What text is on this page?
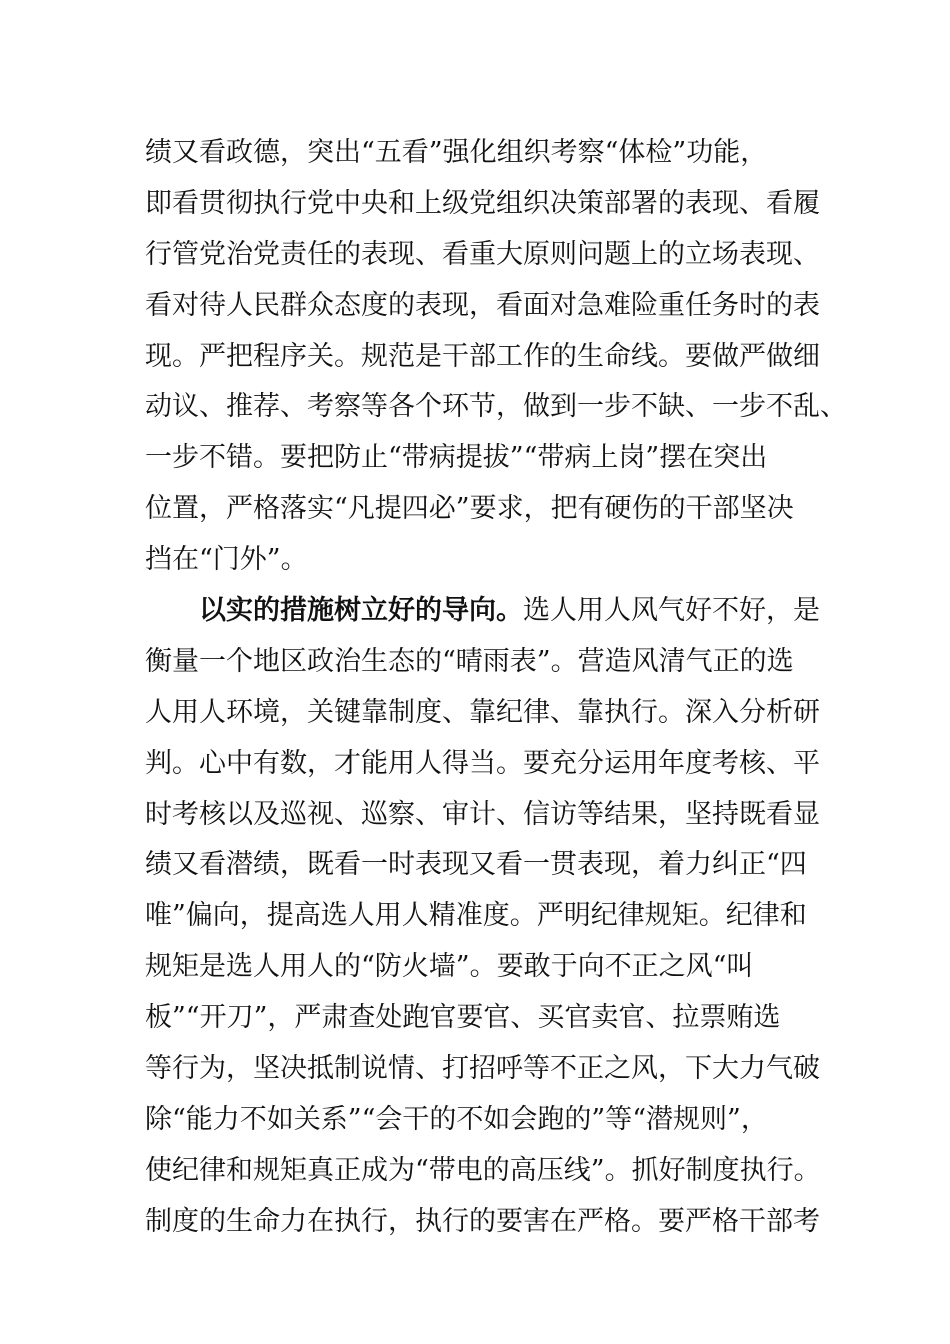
绩又看政德，突出“五看”强化组织考察“体检”功能，
即看贯彻执行党中央和上级党组织决策部署的表现、看履
行管党治党责任的表现、看重大原则问题上的立场表现、
看对待人民群众态度的表现，看面对急难险重任务时的表
现。严把程序关。规范是干部工作的生命线。要做严做细
动议、推荐、考察等各个环节，做到一步不缺、一步不乱、
一步不错。要把防止“带病提拔”“带病上岗”摆在突出
位置，严格落实“凡提四必”要求，把有硬伤的干部坚决
挡在“门外”。
以实的措施树立好的导向。选人用人风气好不好，是
衡量一个地区政治生态的“晴雨表”。营造风清气正的选
人用人环境，关键靠制度、靠纪律、靠执行。深入分析研
判。心中有数，才能用人得当。要充分运用年度考核、平
时考核以及巡视、巡察、审计、信访等结果，坚持既看显
绩又看潜绩，既看一时表现又看一贯表现，着力纠正“四
唯”偏向，提高选人用人精准度。严明纪律规矩。纪律和
规矩是选人用人的“防火墙”。要敢于向不正之风“叫
板”“开刀”，严肃查处跑官要官、买官卖官、拉票贿选
等行为，坚决抵制说情、打招呼等不正之风，下大力气破
除“能力不如关系”“会干的不如会跑的”等“潜规则”，
使纪律和规矩真正成为“带电的高压线”。抓好制度执行。
制度的生命力在执行，执行的要害在严格。要严格干部考
